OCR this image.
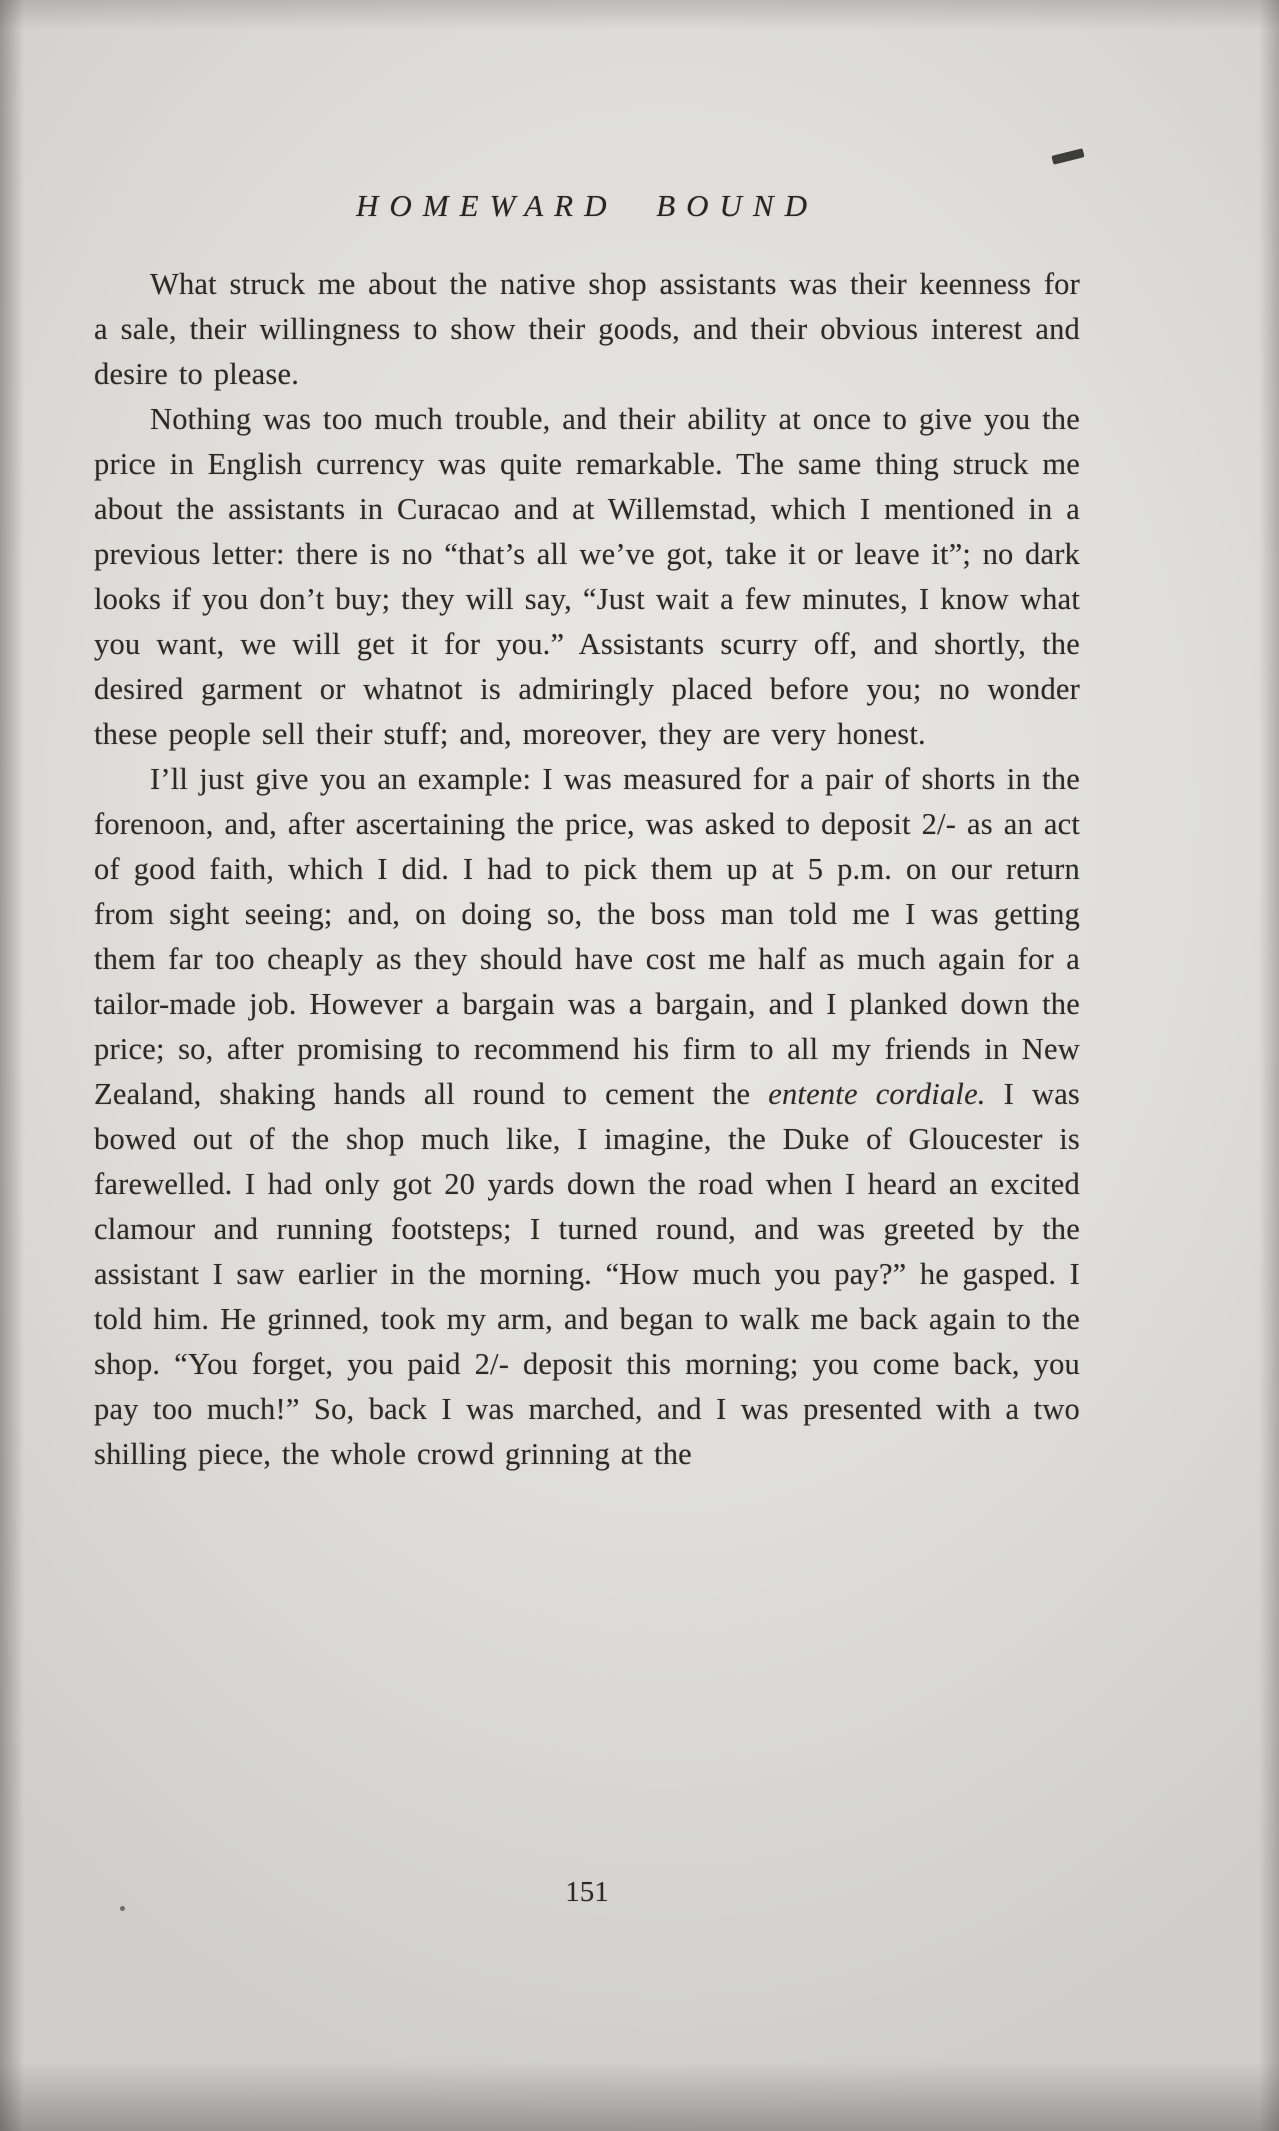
HOMEWARD BOUND

What struck me about the native shop assistants was their keenness for a sale, their willingness to show their goods, and their obvious interest and desire to please.

Nothing was too much trouble, and their ability at once to give you the price in English currency was quite remarkable. The same thing struck me about the assistants in Curacao and at Willemstad, which I mentioned in a previous letter: there is no “that’s all we’ve got, take it or leave it”; no dark looks if you don’t buy; they will say, “Just wait a few minutes, I know what you want, we will get it for you.” Assistants scurry off, and shortly, the desired garment or whatnot is admiringly placed before you; no wonder these people sell their stuff; and, moreover, they are very honest.

I’ll just give you an example: I was measured for a pair of shorts in the forenoon, and, after ascertaining the price, was asked to deposit 2/- as an act of good faith, which I did. I had to pick them up at 5 p.m. on our return from sight seeing; and, on doing so, the boss man told me I was getting them far too cheaply as they should have cost me half as much again for a tailor-made job. However a bargain was a bargain, and I planked down the price; so, after promising to recommend his firm to all my friends in New Zealand, shaking hands all round to cement the entente cordiale. I was bowed out of the shop much like, I imagine, the Duke of Gloucester is farewelled. I had only got 20 yards down the road when I heard an excited clamour and running footsteps; I turned round, and was greeted by the assistant I saw earlier in the morning. “How much you pay?” he gasped. I told him. He grinned, took my arm, and began to walk me back again to the shop. “You forget, you paid 2/- deposit this morning; you come back, you pay too much!” So, back I was marched, and I was presented with a two shilling piece, the whole crowd grinning at the

151
